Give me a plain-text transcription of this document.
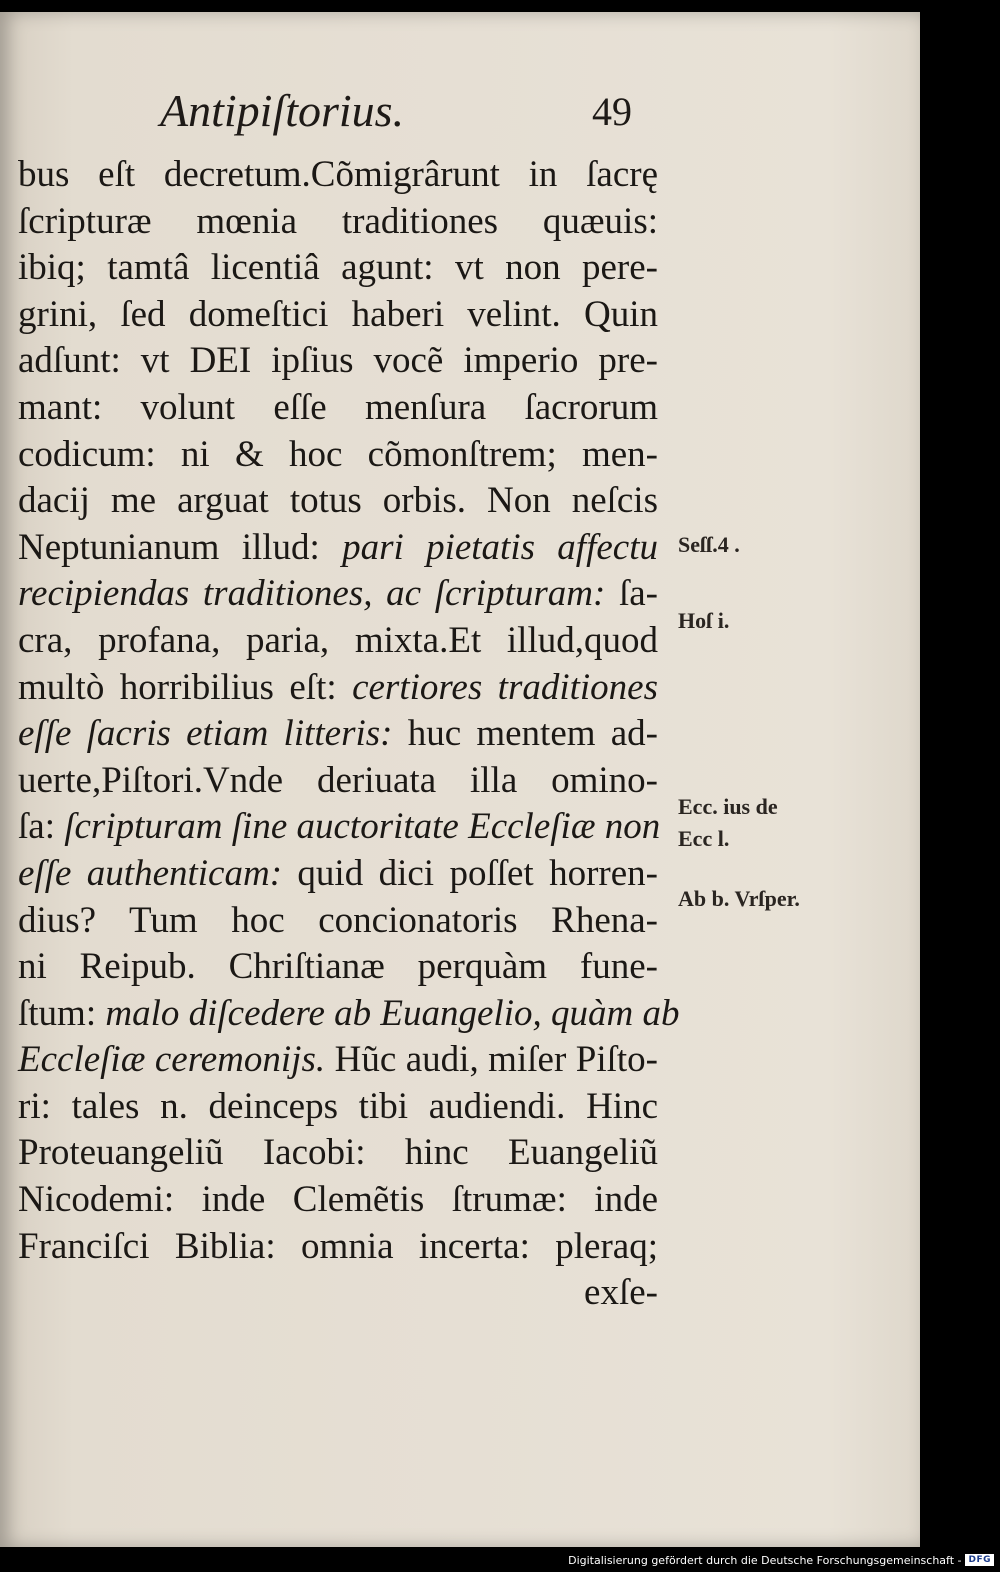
Antipiſtorius.	49
bus eſt decretum.Cõmigrârunt in ſacrę
ſcripturæ mœnia traditiones quæuis:
ibiq; tamtâ licentiâ agunt: vt non pere-
grini, ſed domeſtici haberi velint. Quin
adſunt: vt DEI ipſius vocẽ imperio pre-
mant: volunt eſſe menſura ſacrorum
codicum: ni & hoc cõmonſtrem; men-
dacij me arguat totus orbis. Non neſcis
Neptunianum illud: pari pietatis affectu
recipiendas traditiones, ac ſcripturam: ſa-
cra, profana, paria, mixta.Et illud,quod
multò horribilius eſt: certiores traditiones
eſſe ſacris etiam litteris: huc mentem ad-
uerte,Piſtori.Vnde deriuata illa omino-
ſa: ſcripturam ſine auctoritate Eccleſiæ non
eſſe authenticam: quid dici poſſet horren-
dius? Tum hoc concionatoris Rhena-
ni Reipub. Chriſtianæ perquàm fune-
ſtum: malo diſcedere ab Euangelio, quàm ab
Eccleſiæ ceremonijs. Hũc audi, miſer Piſto-
ri: tales n. deinceps tibi audiendi. Hinc
Proteuangeliũ Iacobi: hinc Euangeliũ
Nicodemi: inde Clemẽtis ſtrumæ: inde
Franciſci Biblia: omnia incerta: pleraq;
exſe-
Seſſ.4 .
Hoſ i.
Ecc. ius de
Ecc l.
Ab b. Vrſper.
Digitalisierung gefördert durch die Deutsche Forschungsgemeinschaft - DFG
